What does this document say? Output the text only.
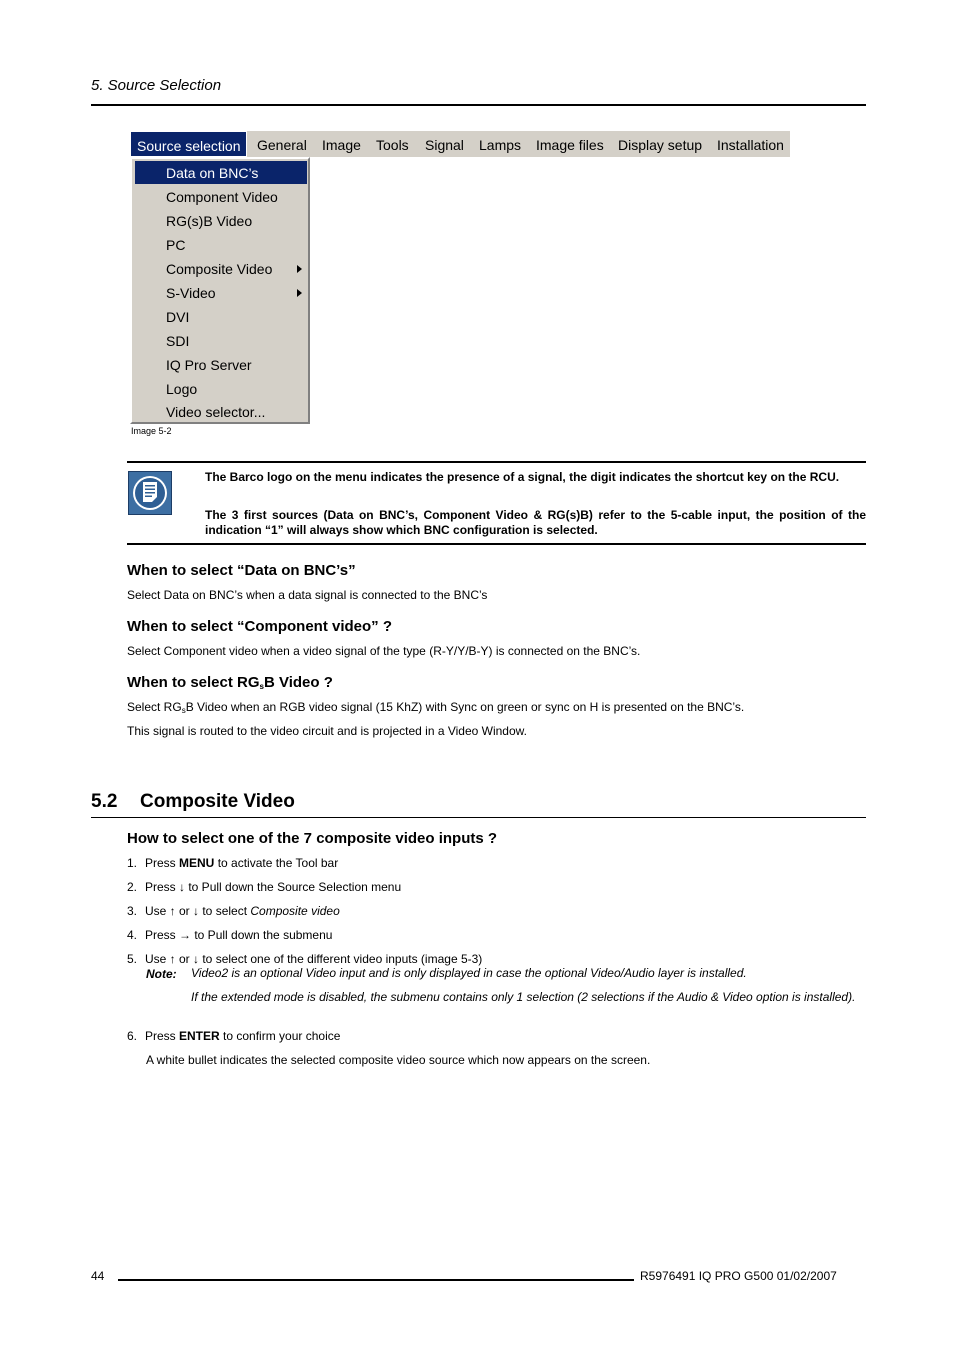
5. Source Selection
Source selection	General	Image	Tools	Signal	Lamps	Image files	Display setup	Installation
Data on BNC’s
Component Video
RG(s)B Video
PC
Composite Video
S-Video
DVI
SDI
IQ Pro Server
Logo
Video selector...
Image 5-2
The Barco logo on the menu indicates the presence of a signal, the digit indicates the shortcut key on the RCU.
The 3 first sources (Data on BNC’s, Component Video & RG(s)B) refer to the 5-cable input, the position of the indication “1” will always show which BNC configuration is selected.
When to select “Data on BNC’s”
Select Data on BNC’s when a data signal is connected to the BNC’s
When to select “Component video” ?
Select Component video when a video signal of the type (R-Y/Y/B-Y) is connected on the BNC’s.
When to select $RG_sB$ Video ?
Select $RG_sB$ Video when an RGB video signal (15 KhZ) with Sync on green or sync on H is presented on the BNC’s.
This signal is routed to the video circuit and is projected in a Video Window.
5.2 Composite Video
How to select one of the 7 composite video inputs ?
1. Press MENU to activate the Tool bar
2. Press ↓ to Pull down the Source Selection menu
3. Use ↑ or ↓ to select Composite video
4. Press → to Pull down the submenu
5. Use ↑ or ↓ to select one of the different video inputs (image 5-3)
Note: Video2 is an optional Video input and is only displayed in case the optional Video/Audio layer is installed.
If the extended mode is disabled, the submenu contains only 1 selection (2 selections if the Audio & Video option is installed).
6. Press ENTER to confirm your choice
A white bullet indicates the selected composite video source which now appears on the screen.
44	R5976491 IQ PRO G500 01/02/2007
